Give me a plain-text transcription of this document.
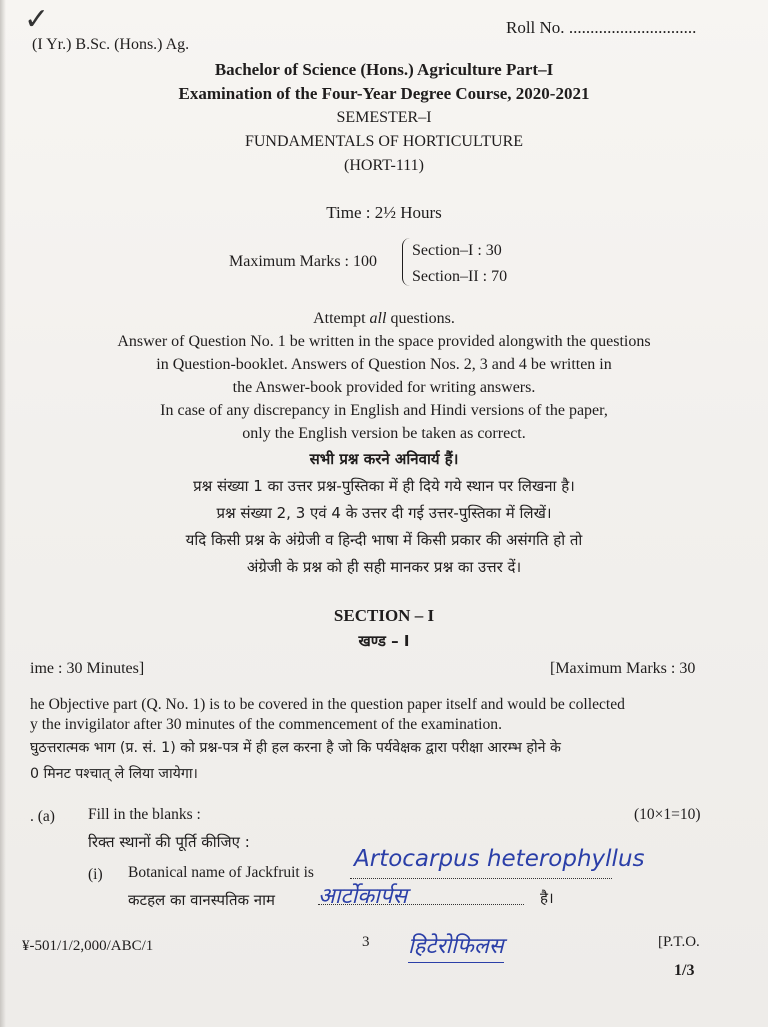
✓	Roll No. ..............................
(I Yr.) B.Sc. (Hons.) Ag.
Bachelor of Science (Hons.) Agriculture Part–I
Examination of the Four-Year Degree Course, 2020-2021
SEMESTER–I
FUNDAMENTALS OF HORTICULTURE
(HORT-111)
Time : 2½ Hours
Maximum Marks : 100
Section–I : 30
Section–II : 70
Attempt all questions.
Answer of Question No. 1 be written in the space provided alongwith the questions
in Question-booklet. Answers of Question Nos. 2, 3 and 4 be written in
the Answer-book provided for writing answers.
In case of any discrepancy in English and Hindi versions of the paper,
only the English version be taken as correct.
सभी प्रश्न करने अनिवार्य हैं।
प्रश्न संख्या 1 का उत्तर प्रश्न-पुस्तिका में ही दिये गये स्थान पर लिखना है।
प्रश्न संख्या 2, 3 एवं 4 के उत्तर दी गई उत्तर-पुस्तिका में लिखें।
यदि किसी प्रश्न के अंग्रेजी व हिन्दी भाषा में किसी प्रकार की असंगति हो तो
अंग्रेजी के प्रश्न को ही सही मानकर प्रश्न का उत्तर दें।
SECTION – I
खण्ड – I
ime : 30 Minutes]	[Maximum Marks : 30
he Objective part (Q. No. 1) is to be covered in the question paper itself and would be collected
y the invigilator after 30 minutes of the commencement of the examination.
घुठत्तरात्मक भाग (प्र. सं. 1) को प्रश्न-पत्र में ही हल करना है जो कि पर्यवेक्षक द्वारा परीक्षा आरम्भ होने के
0 मिनट पश्चात् ले लिया जायेगा।
. (a) Fill in the blanks :	(10×1=10)
रिक्त स्थानों की पूर्ति कीजिए :
(i) Botanical name of Jackfruit is
Artocarpus heterophyllus
कटहल का वानस्पतिक नाम आर्टोकार्पस	है।
¥-501/1/2,000/ABC/1	3 हिटेरोफिलस	[P.T.O.
1/3
